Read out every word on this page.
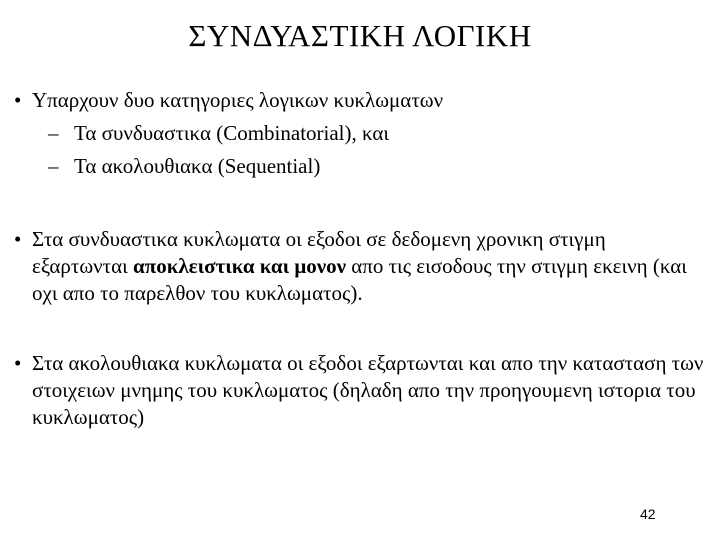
ΣΥΝΔΥΑΣΤΙΚΗ ΛΟΓΙΚΗ
• Υπαρχουν δυο κατηγοριες λογικων κυκλωματων
– Τα συνδυαστικα (Combinatorial), και
– Τα ακολουθιακα (Sequential)
• Στα συνδυαστικα κυκλωματα οι εξοδοι σε δεδομενη χρονικη στιγμη εξαρτωνται αποκλειστικα και μονον απο τις εισοδους την στιγμη εκεινη (και οχι απο το παρελθον του κυκλωματος).
• Στα ακολουθιακα κυκλωματα οι εξοδοι εξαρτωνται και απο την κατασταση των στοιχειων μνημης του κυκλωματος (δηλαδη απο την προηγουμενη ιστορια του κυκλωματος)
42
